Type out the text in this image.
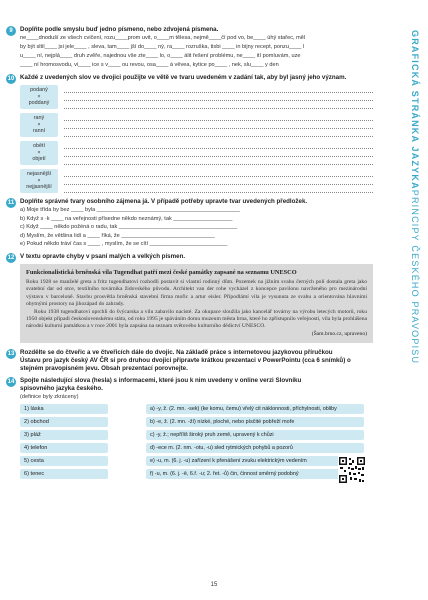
GRAFICKÁ STRÁNKA JAZYKAPRINCIPY ČESKÉHO PRAVOPISU
9	Doplňte podle smyslu buď jedno písmeno, nebo zdvojená písmena.
ne____dnoduší ze všech cvičení, rozu____prom uvit, o____m tělesa, nejmě____čí pod vo, be____ úhý stařec, měl
by být sltil____ jsi jele____ , sleva, tam____ jší do____ ný, ra____ rozruška, tisbi ____ in bijny recept, ponzu____ l
u____ ní, nejplá____ druh zvěře, najednou vše zte____ lo, o____ álit řešení problému, ne____ ití pomluvám, uze
____ ní hromosvodu, vi____ ice s v____ ou revou, osa____ á věvea, kytice po____ , nek, slu____ y den
10 Každé z uvedených slov ve dvojici použijte ve větě ve tvaru uvedeném v zadání tak, aby byl jasný jeho význam.
podaný
×
poddaný
raný
×
ranní
obětí
×
objetí
nejasnější
×
nejjasnější
11 Doplňte správné tvary osobního zájmena já. V případě potřeby upravte tvar uvedených předložek.
a) Moje třída by bez ____ byla ______________________________________________
b) Když s ·k ____ na veřejnosti přísedne někdo neznámý, tak ___________________
c) Když ____ někdo požéná o radu, tak ______________________________________
d) Myslím, že většina lidí a ____ říká, že ______________________________
e) Pokud někdo tráví čas s ____ , myslím, že se cítí _________________________
12 V textu opravte chyby v psaní malých a velkých písmen.
Funkcionalistická brněnská vila Tugendhat patří mezi české památky zapsané na seznamu UNESCO
Roku 1928 se manželé greta a fritz tugendhatovi rozhodli postavit si vlastní rodinný dům. Pozemek na jižním svahu černých polí dostala greta jako svatební dar od otce, textilního továrníka židovského původu. Architekt van der rohe vycházel z koncepce pavilonu navrženého pro mezinárodní výstavu v barceloně. Stavbu prosvětla brněnská stavební firma mořic a artur eisler. Přípodlámí vila je vysunuta ze svahu a orientována hlavními obytnými prostory na jihozápad do zahrady.
Roku 1938 tugendhatovi uprchli do švýcarska a vilu zabavilo nacisté. Za okupace sloužila jako kancelář továrny na výrobu letecých motorů, roku 1950 objekt připadl československému státu, od roku 1995 je spáváním domu muzeum města brna, které ho zpřístupnilo veřejnosti, vila byla prohlášena národní kulturní památkou a v roce 2001 byla zapsána na seznam světového kulturního dědictví UNESCO.
(Šam.brno.cz, upraveno)
13 Rozdělte se do čtveřic a ve čtveřicích dále do dvojic. Na základě práce s internetovou jazykovou příručkou
Ústavu pro jazyk český AV ČR si pro druhou dvojici připravte krátkou prezentaci v PowerPointu (cca 6 snímků) o stejném pravopisném jevu. Obsah prezentací porovnejte.
14 Spojte následující slova (hesla) s informacemi, které jsou k nim uvedeny v online verzi Slovníku spisovného jazyka českého.
(definice byly zkráceny)
1) láska	a) -y, ž. (2. mn. -sek) (ke komu, čemu) vřelý cit náklonnosti, příchylnosti, obliby
2) obchod	b) -e, ž. (2. mn. -ží) nízké, ploché, nebo písčité pobřeží moře
3) pláž	c) -y, ž.; nepříliš široký pruh země, upravený k chůzi
4) telefon	d) -ece m. (2. nm. -otu, -u) sled rytmických pohybů a pozorů
5) cesta	e) -u, m. (6. j. -u) zařízení k přenášení zvuku elektrickým vedením
6) tenec	f) -u, m. (6. j. -ě, 6.ř. -u; 2. řet. -ů) čin, činnost směrný podobný
15
